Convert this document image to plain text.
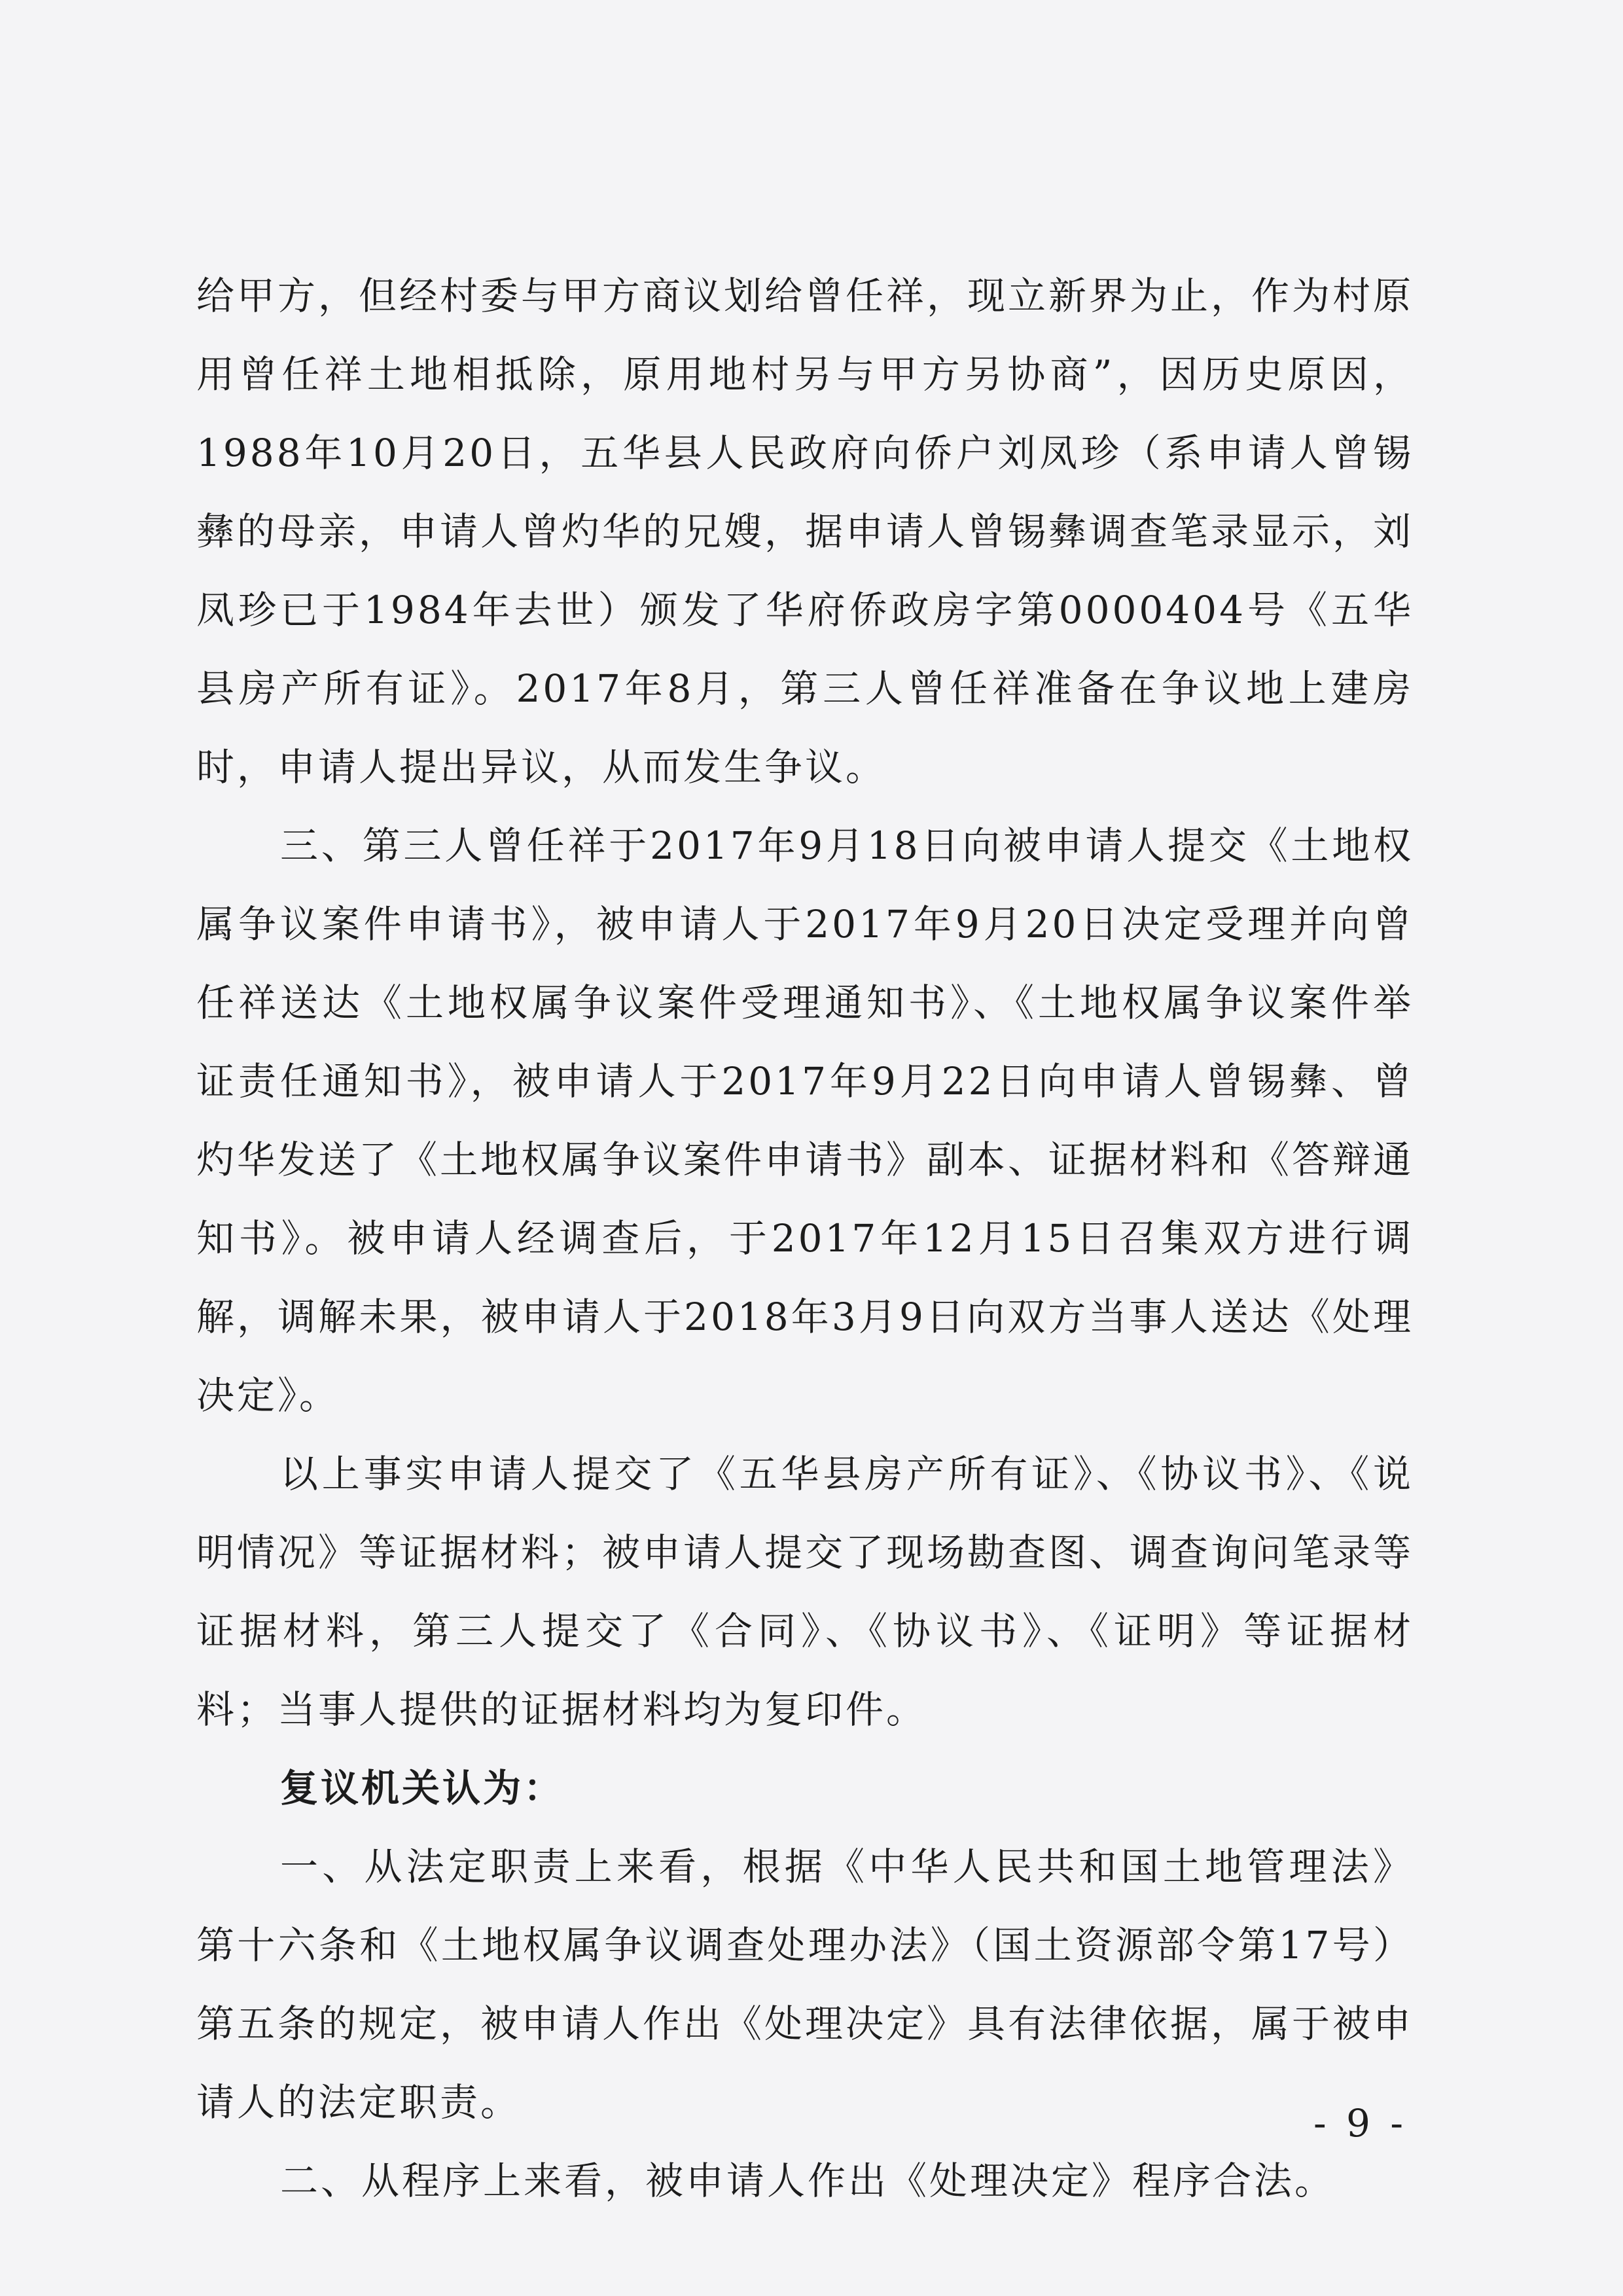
给甲方，但经村委与甲方商议划给曾任祥，现立新界为止，作为村原用曾任祥土地相抵除，原用地村另与甲方另协商”，因历史原因，1988年10月20日，五华县人民政府向侨户刘凤珍（系申请人曾锡彝的母亲，申请人曾灼华的兄嫂，据申请人曾锡彝调查笔录显示，刘凤珍已于1984年去世）颁发了华府侨政房字第0000404号《五华县房产所有证》。2017年8月，第三人曾任祥准备在争议地上建房时，申请人提出异议，从而发生争议。

三、第三人曾任祥于2017年9月18日向被申请人提交《土地权属争议案件申请书》，被申请人于2017年9月20日决定受理并向曾任祥送达《土地权属争议案件受理通知书》、《土地权属争议案件举证责任通知书》，被申请人于2017年9月22日向申请人曾锡彝、曾灼华发送了《土地权属争议案件申请书》副本、证据材料和《答辩通知书》。被申请人经调查后，于2017年12月15日召集双方进行调解，调解未果，被申请人于2018年3月9日向双方当事人送达《处理决定》。

以上事实申请人提交了《五华县房产所有证》、《协议书》、《说明情况》等证据材料；被申请人提交了现场勘查图、调查询问笔录等证据材料，第三人提交了《合同》、《协议书》、《证明》等证据材料；当事人提供的证据材料均为复印件。

复议机关认为：

一、从法定职责上来看，根据《中华人民共和国土地管理法》第十六条和《土地权属争议调查处理办法》（国土资源部令第17号）第五条的规定，被申请人作出《处理决定》具有法律依据，属于被申请人的法定职责。

二、从程序上来看，被申请人作出《处理决定》程序合法。

- 9 -
